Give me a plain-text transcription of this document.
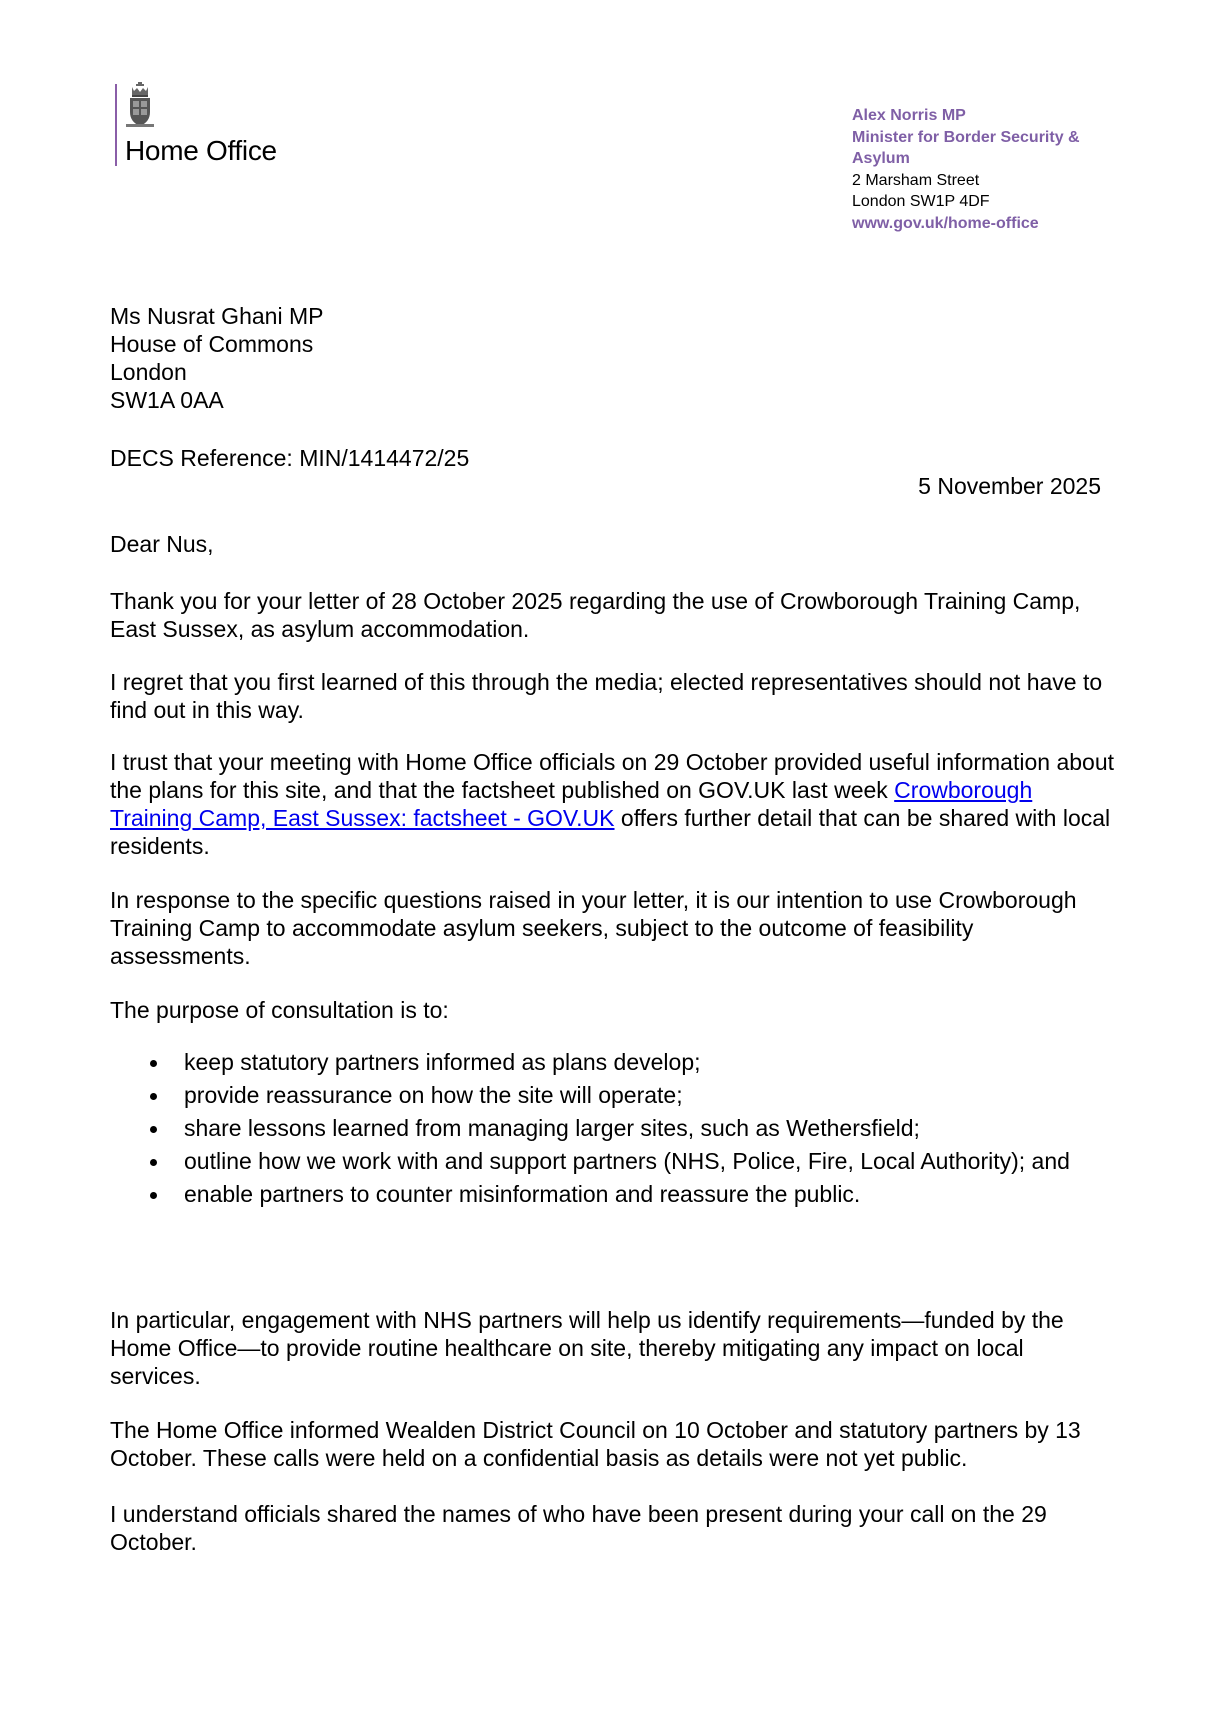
Home Office
Alex Norris MP
Minister for Border Security &
Asylum
2 Marsham Street
London SW1P 4DF
www.gov.uk/home-office
Ms Nusrat Ghani MP
House of Commons
London
SW1A 0AA
DECS Reference: MIN/1414472/25
5 November 2025
Dear Nus,
Thank you for your letter of 28 October 2025 regarding the use of Crowborough Training Camp, East Sussex, as asylum accommodation.
I regret that you first learned of this through the media; elected representatives should not have to find out in this way.
I trust that your meeting with Home Office officials on 29 October provided useful information about the plans for this site, and that the factsheet published on GOV.UK last week Crowborough Training Camp, East Sussex: factsheet - GOV.UK offers further detail that can be shared with local residents.
In response to the specific questions raised in your letter, it is our intention to use Crowborough Training Camp to accommodate asylum seekers, subject to the outcome of feasibility assessments.
The purpose of consultation is to:
keep statutory partners informed as plans develop;
provide reassurance on how the site will operate;
share lessons learned from managing larger sites, such as Wethersfield;
outline how we work with and support partners (NHS, Police, Fire, Local Authority); and
enable partners to counter misinformation and reassure the public.
In particular, engagement with NHS partners will help us identify requirements—funded by the Home Office—to provide routine healthcare on site, thereby mitigating any impact on local services.
The Home Office informed Wealden District Council on 10 October and statutory partners by 13 October. These calls were held on a confidential basis as details were not yet public.
I understand officials shared the names of who have been present during your call on the 29 October.
